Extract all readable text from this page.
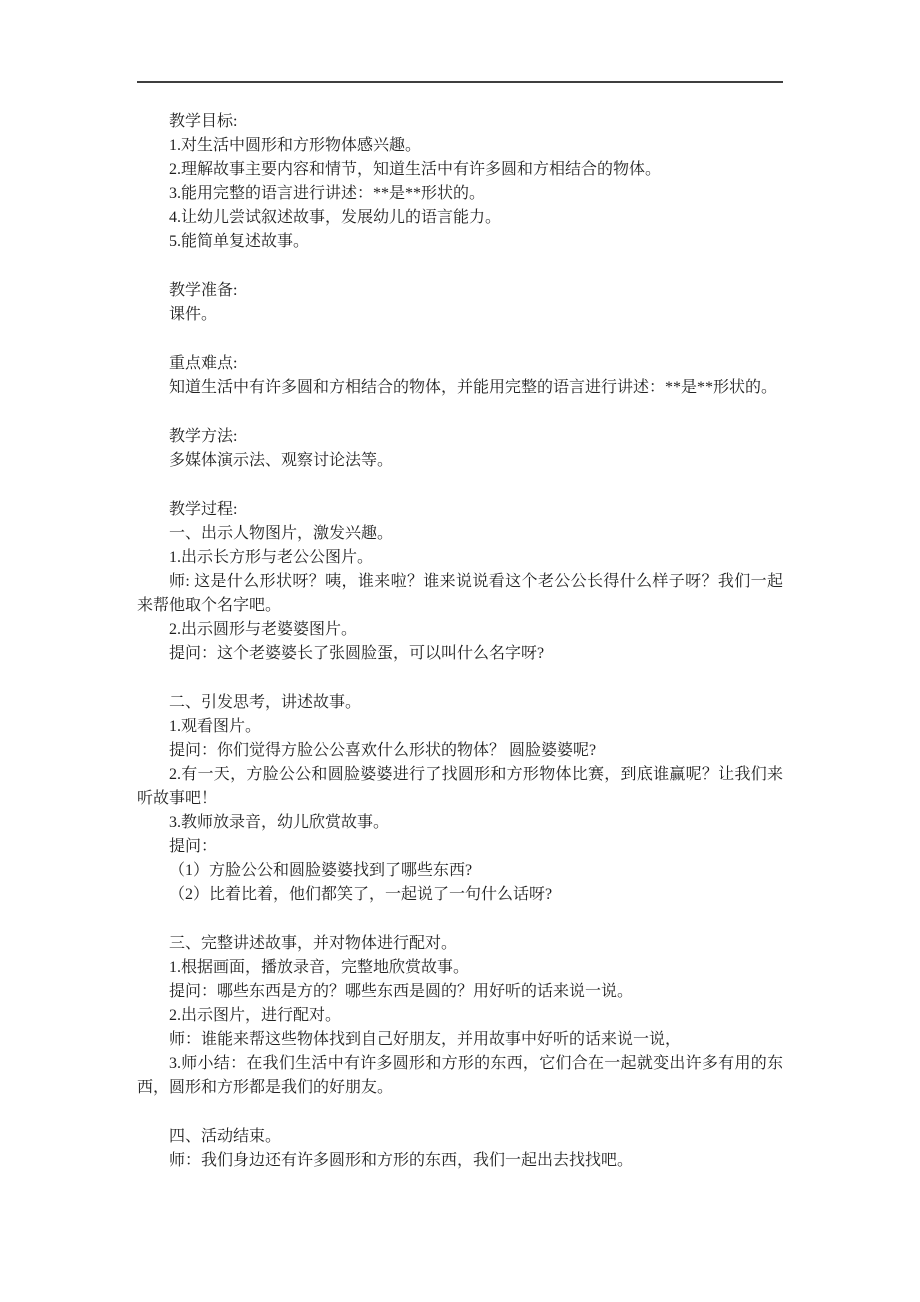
教学目标:

1.对生活中圆形和方形物体感兴趣。

2.理解故事主要内容和情节，知道生活中有许多圆和方相结合的物体。

3.能用完整的语言进行讲述：**是**形状的。

4.让幼儿尝试叙述故事，发展幼儿的语言能力。

5.能简单复述故事。

教学准备:

课件。

重点难点:

知道生活中有许多圆和方相结合的物体，并能用完整的语言进行讲述：**是**形状的。

教学方法:

多媒体演示法、观察讨论法等。

教学过程:

一、出示人物图片，激发兴趣。

1.出示长方形与老公公图片。

师: 这是什么形状呀？咦，谁来啦？谁来说说看这个老公公长得什么样子呀？我们一起来帮他取个名字吧。

2.出示圆形与老婆婆图片。

提问：这个老婆婆长了张圆脸蛋，可以叫什么名字呀?

二、引发思考，讲述故事。

1.观看图片。

提问：你们觉得方脸公公喜欢什么形状的物体？ 圆脸婆婆呢?

2.有一天，方脸公公和圆脸婆婆进行了找圆形和方形物体比赛，到底谁赢呢？让我们来听故事吧！

3.教师放录音，幼儿欣赏故事。

提问：

（1）方脸公公和圆脸婆婆找到了哪些东西?

（2）比着比着，他们都笑了，一起说了一句什么话呀?

三、完整讲述故事，并对物体进行配对。

1.根据画面，播放录音，完整地欣赏故事。

提问：哪些东西是方的？哪些东西是圆的？用好听的话来说一说。

2.出示图片，进行配对。

师：谁能来帮这些物体找到自己好朋友，并用故事中好听的话来说一说，

3.师小结：在我们生活中有许多圆形和方形的东西，它们合在一起就变出许多有用的东西，圆形和方形都是我们的好朋友。

四、活动结束。

师：我们身边还有许多圆形和方形的东西，我们一起出去找找吧。
